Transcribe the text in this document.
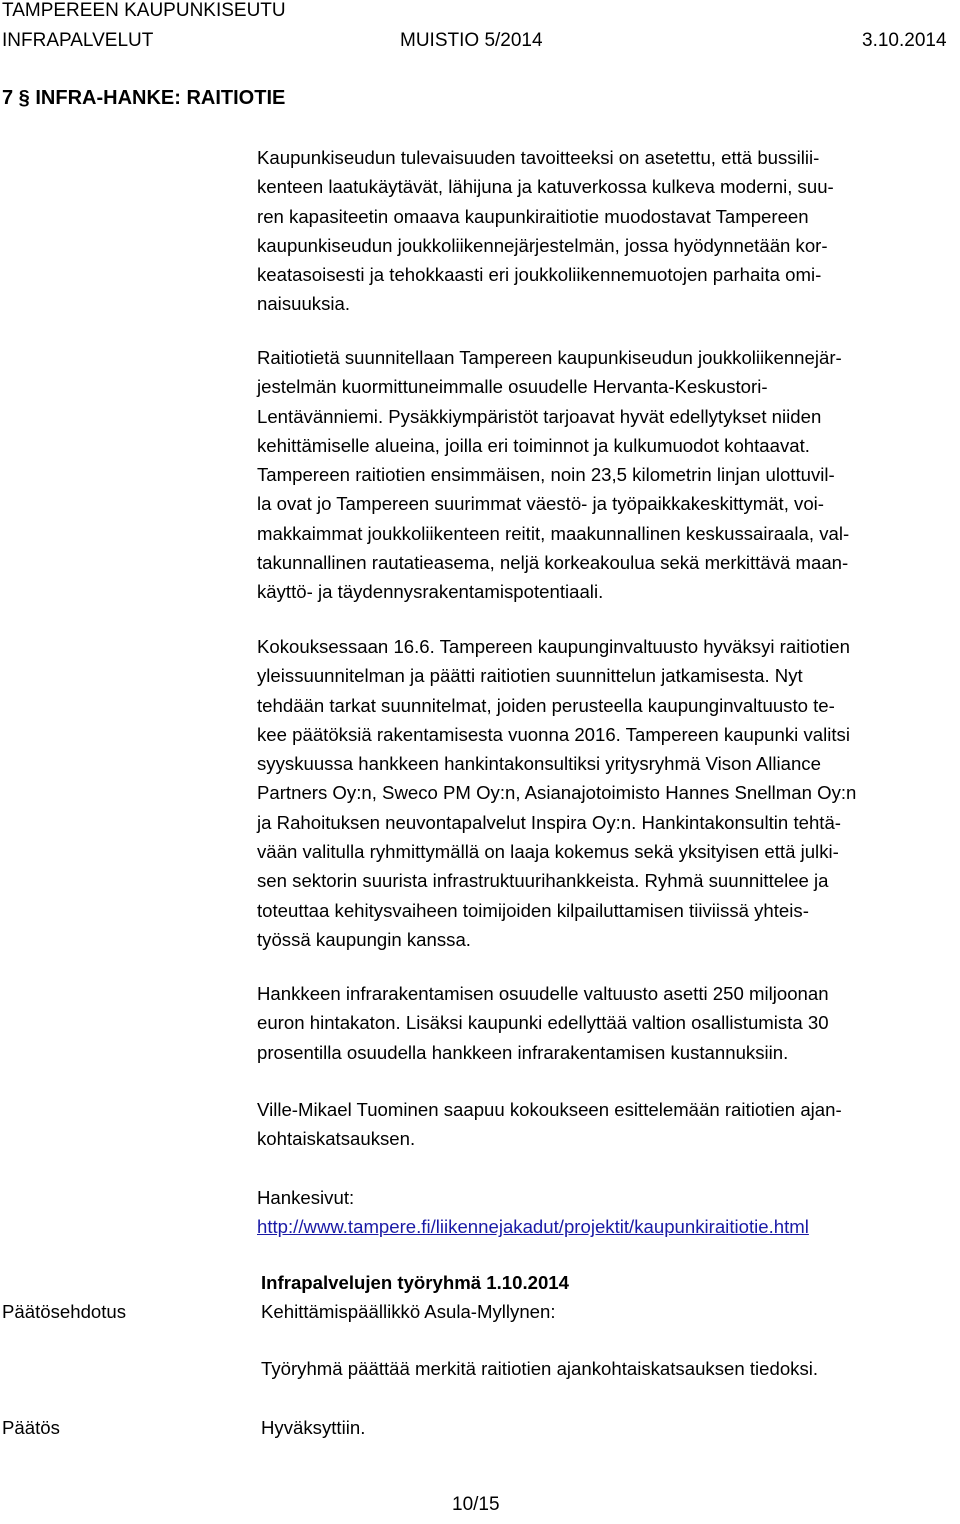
TAMPEREEN KAUPUNKISEUTU
INFRAPALVELUT	MUISTIO 5/2014	3.10.2014
7 § INFRA-HANKE: RAITIOTIE
Kaupunkiseudun tulevaisuuden tavoitteeksi on asetettu, että bussilii-
kenteen laatukäytävät, lähijuna ja katuverkossa kulkeva moderni, suu-
ren kapasiteetin omaava kaupunkiraitiotie muodostavat Tampereen
kaupunkiseudun joukkoliikennejärjestelmän, jossa hyödynnetään kor-
keatasoisesti ja tehokkaasti eri joukkoliikennemuotojen parhaita omi-
naisuuksia.
Raitiotietä suunnitellaan Tampereen kaupunkiseudun joukkoliikennejär-
jestelmän kuormittuneimmalle osuudelle Hervanta-Keskustori-
Lentävänniemi. Pysäkkiympäristöt tarjoavat hyvät edellytykset niiden
kehittämiselle alueina, joilla eri toiminnot ja kulkumuodot kohtaavat.
Tampereen raitiotien ensimmäisen, noin 23,5 kilometrin linjan ulottuvil-
la ovat jo Tampereen suurimmat väestö- ja työpaikkakeskittymät, voi-
makkaimmat joukkoliikenteen reitit, maakunnallinen keskussairaala, val-
takunnallinen rautatieasema, neljä korkeakoulua sekä merkittävä maan-
käyttö- ja täydennysrakentamispotentiaali.
Kokouksessaan 16.6. Tampereen kaupunginvaltuusto hyväksyi raitiotien
yleissuunnitelman ja päätti raitiotien suunnittelun jatkamisesta. Nyt
tehdään tarkat suunnitelmat, joiden perusteella kaupunginvaltuusto te-
kee päätöksiä rakentamisesta vuonna 2016. Tampereen kaupunki valitsi
syyskuussa hankkeen hankintakonsultiksi yritysryhmä Vison Alliance
Partners Oy:n, Sweco PM Oy:n, Asianajotoimisto Hannes Snellman Oy:n
ja Rahoituksen neuvontapalvelut Inspira Oy:n. Hankintakonsultin tehtä-
vään valitulla ryhmittymällä on laaja kokemus sekä yksityisen että julki-
sen sektorin suurista infrastruktuurihankkeista. Ryhmä suunnittelee ja
toteuttaa kehitysvaiheen toimijoiden kilpailuttamisen tiiviissä yhteis-
työssä kaupungin kanssa.
Hankkeen infrarakentamisen osuudelle valtuusto asetti 250 miljoonan
euron hintakaton. Lisäksi kaupunki edellyttää valtion osallistumista 30
prosentilla osuudella hankkeen infrarakentamisen kustannuksiin.
Ville-Mikael Tuominen saapuu kokoukseen esittelemään raitiotien ajan-
kohtaiskatsauksen.
Hankesivut:
http://www.tampere.fi/liikennejakadut/projektit/kaupunkiraitiotie.html
Päätösehdotus
Infrapalvelujen työryhmä 1.10.2014
Kehittämispäällikkö Asula-Myllynen:
Työryhmä päättää merkitä raitiotien ajankohtaiskatsauksen tiedoksi.
Päätös	Hyväksyttiin.
10/15
